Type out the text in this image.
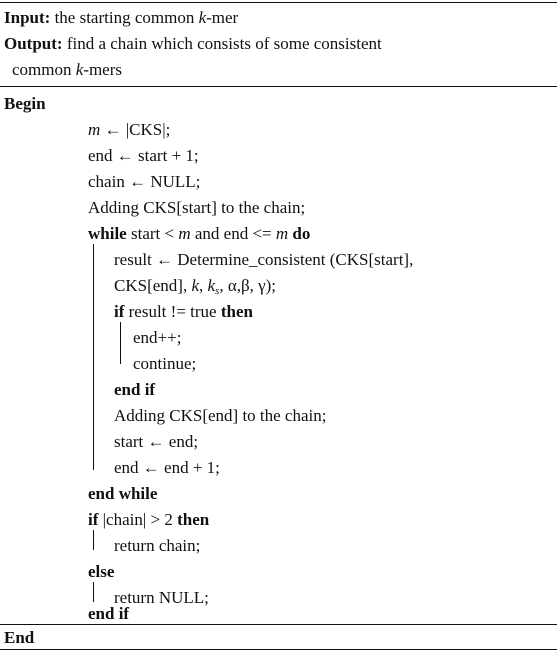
Input: the starting common k-mer
Output: find a chain which consists of some consistent
common k-mers
Begin
m ← |CKS|;
end ← start + 1;
chain ← NULL;
Adding CKS[start] to the chain;
while start < m and end <= m do
result ← Determine_consistent (CKS[start],
CKS[end], k, $k_s$, α,β, γ);
if result != true then
end++;
continue;
end if
Adding CKS[end] to the chain;
start ← end;
end ← end + 1;
end while
if |chain| > 2 then
return chain;
else
return NULL;
end if
End
